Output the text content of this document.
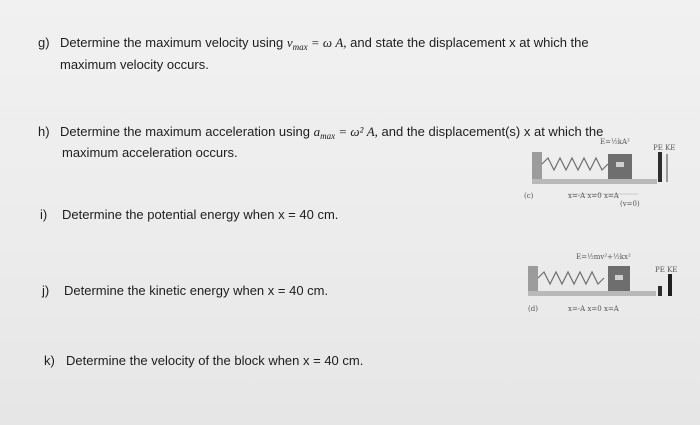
g) Determine the maximum velocity using $v_{max} = \omega$ A, and state the displacement x at which the
maximum velocity occurs.
h) Determine the maximum acceleration using $a_{max} = \omega^2$ A, and the displacement(s) x at which the
maximum acceleration occurs.
i) Determine the potential energy when x = 40 cm.
j) Determine the kinetic energy when x = 40 cm.
k) Determine the velocity of the block when x = 40 cm.
E=½kA²
PE KE
x=-A x=0 x=A
(v=0)
(c)
E=½mv²+½kx²
PE KE
x=-A x=0 x=A
(d)
